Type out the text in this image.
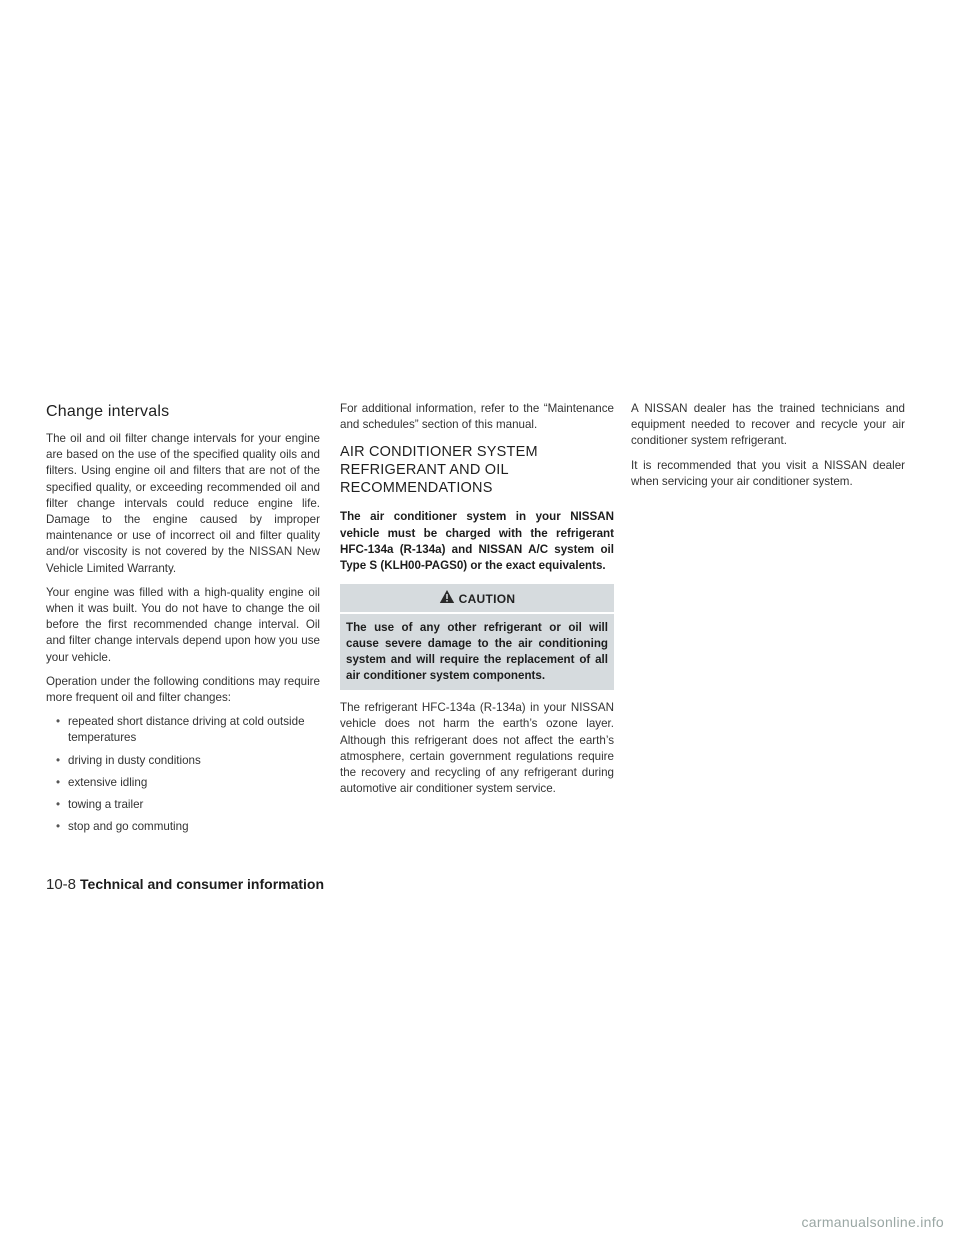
Change intervals

The oil and oil filter change intervals for your engine are based on the use of the specified quality oils and filters. Using engine oil and filters that are not of the specified quality, or exceeding recommended oil and filter change intervals could reduce engine life. Damage to the engine caused by improper maintenance or use of incorrect oil and filter quality and/or viscosity is not covered by the NISSAN New Vehicle Limited Warranty.

Your engine was filled with a high-quality engine oil when it was built. You do not have to change the oil before the first recommended change interval. Oil and filter change intervals depend upon how you use your vehicle.

Operation under the following conditions may require more frequent oil and filter changes:

• repeated short distance driving at cold outside temperatures
• driving in dusty conditions
• extensive idling
• towing a trailer
• stop and go commuting

For additional information, refer to the “Maintenance and schedules” section of this manual.

AIR CONDITIONER SYSTEM REFRIGERANT AND OIL RECOMMENDATIONS

The air conditioner system in your NISSAN vehicle must be charged with the refrigerant HFC-134a (R-134a) and NISSAN A/C system oil Type S (KLH00-PAGS0) or the exact equivalents.

CAUTION
The use of any other refrigerant or oil will cause severe damage to the air conditioning system and will require the replacement of all air conditioner system components.

The refrigerant HFC-134a (R-134a) in your NISSAN vehicle does not harm the earth’s ozone layer. Although this refrigerant does not affect the earth’s atmosphere, certain government regulations require the recovery and recycling of any refrigerant during automotive air conditioner system service.

A NISSAN dealer has the trained technicians and equipment needed to recover and recycle your air conditioner system refrigerant.

It is recommended that you visit a NISSAN dealer when servicing your air conditioner system.

10-8 Technical and consumer information
carmanualsonline.info
